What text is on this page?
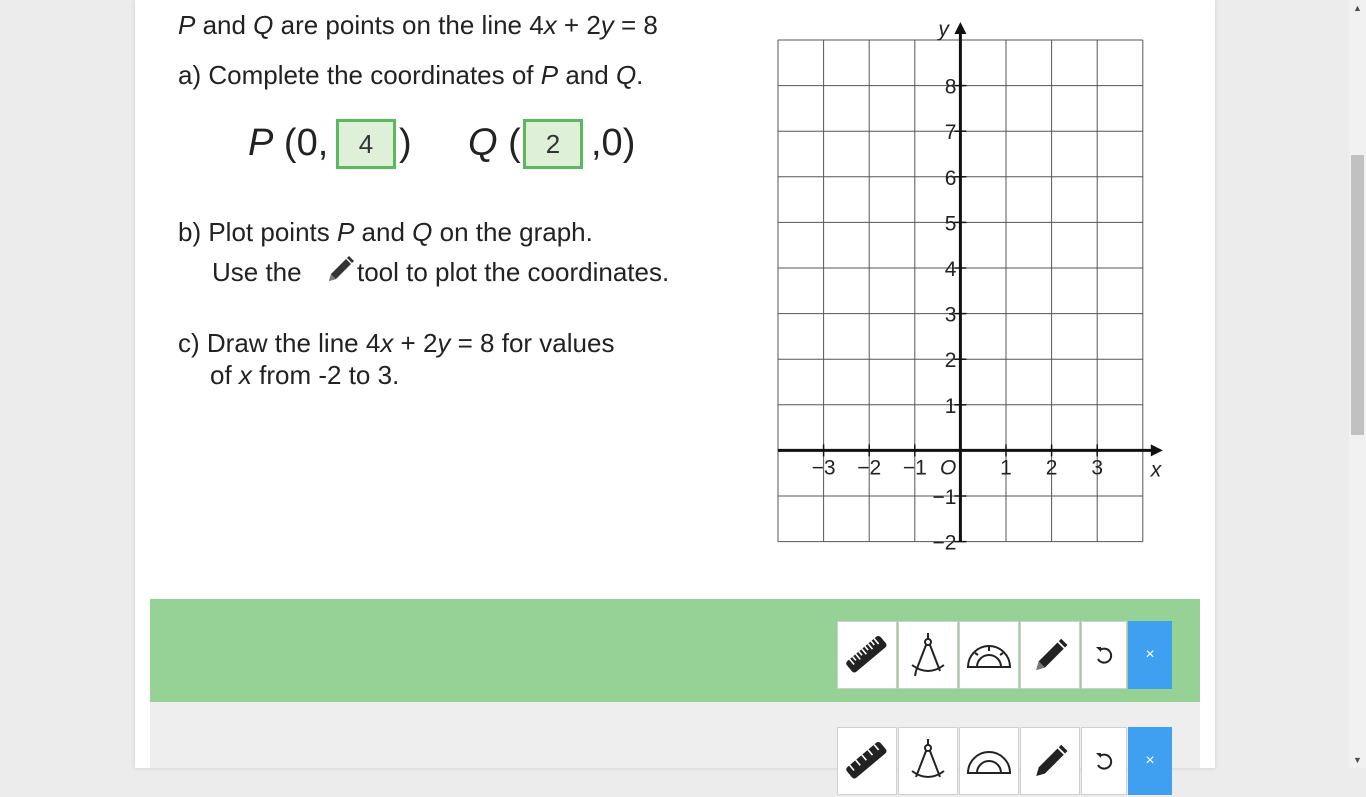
P and Q are points on the line 4x + 2y = 8
a) Complete the coordinates of P and Q.
P (0,	4 ) Q ( 2 ,0)
b) Plot points P and Q on the graph.
Use the tool to plot the coordinates.
c) Draw the line 4x + 2y = 8 for values
of x from -2 to 3.
−3 −2 −1	1 2 3
8
7
6
5
4
3
2
1
−1
−2
O	x
y
×
×
▲
▼
